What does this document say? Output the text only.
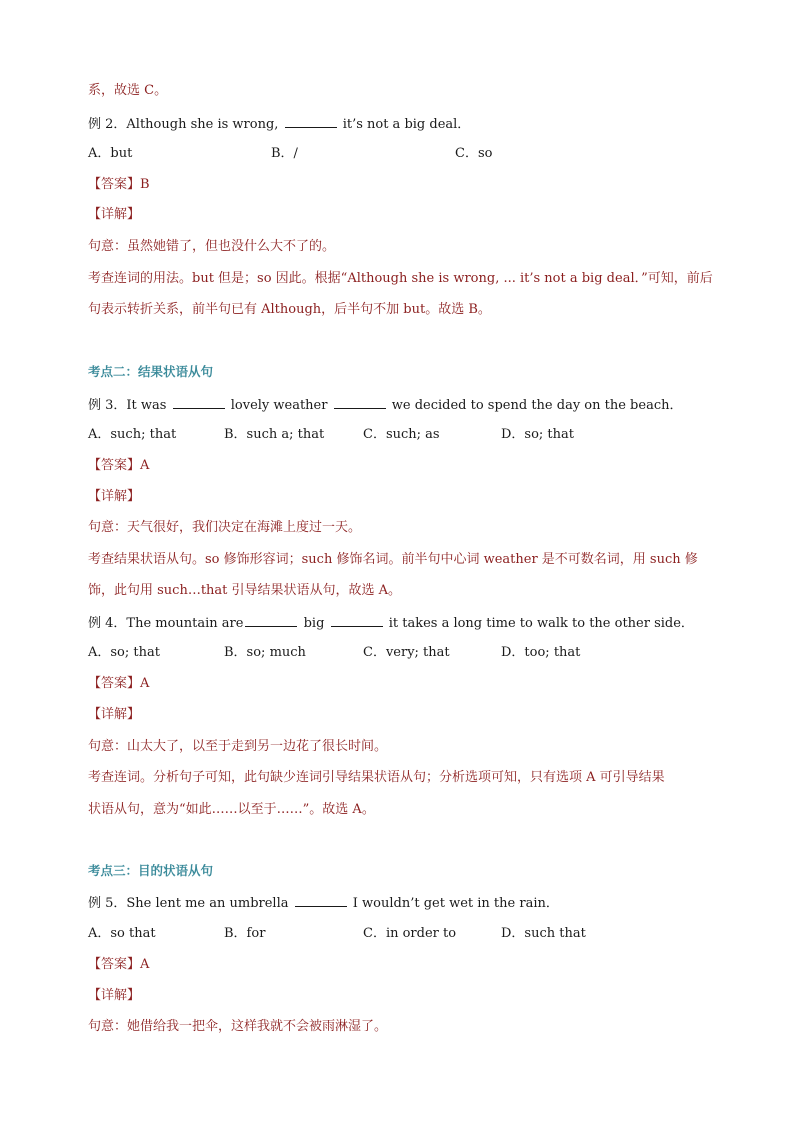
系，故选 C。
例 2．Although she is wrong,	it’s not a big deal．
A．but	B．/	C．so
【答案】B
【详解】
句意：虽然她错了，但也没什么大不了的。
考查连词的用法。but 但是；so 因此。根据“Although she is wrong, ... it’s not a big deal．”可知，前后
句表示转折关系，前半句已有 Although，后半句不加 but。故选 B。
考点二：结果状语从句
例 3．It was	lovely weather	we decided to spend the day on the beach．
A．such; that	B．such a; that	C．such; as	D．so; that
【答案】A
【详解】
句意：天气很好，我们决定在海滩上度过一天。
考查结果状语从句。so 修饰形容词；such 修饰名词。前半句中心词 weather 是不可数名词，用 such 修
饰，此句用 such…that 引导结果状语从句，故选 A。
例 4．The mountain are	big	it takes a long time to walk to the other side．
A．so; that	B．so; much	C．very; that	D．too; that
【答案】A
【详解】
句意：山太大了，以至于走到另一边花了很长时间。
考查连词。分析句子可知，此句缺少连词引导结果状语从句；分析选项可知，只有选项 A 可引导结果
状语从句，意为“如此……以至于……”。故选 A。
考点三：目的状语从句
例 5．She lent me an umbrella	I wouldn’t get wet in the rain．
A．so that	B．for	C．in order to	D．such that
【答案】A
【详解】
句意：她借给我一把伞，这样我就不会被雨淋湿了。
